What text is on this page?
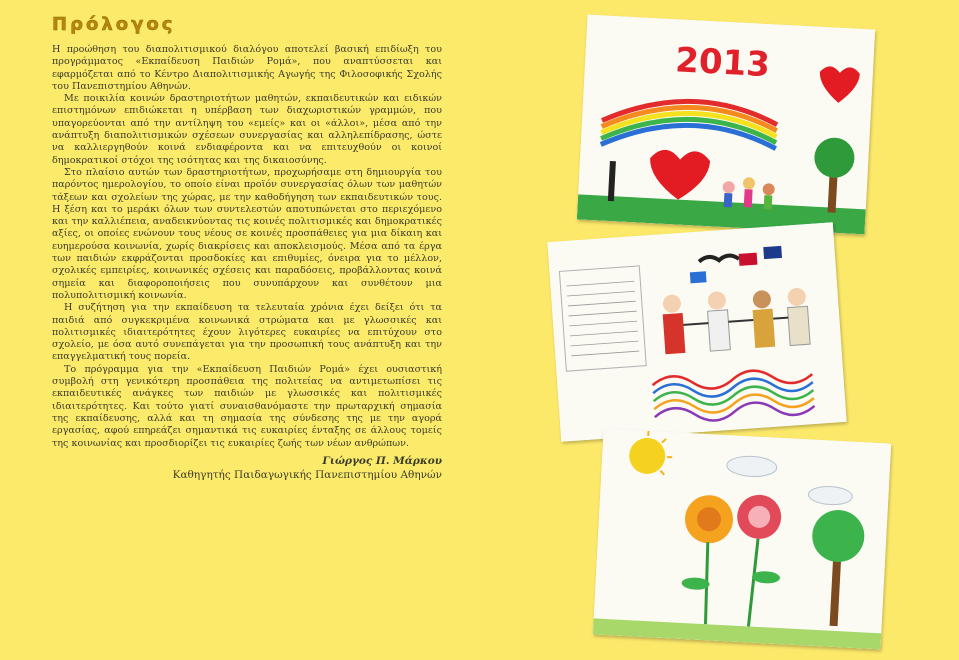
Πρόλογος

Η προώθηση του διαπολιτισμικού διαλόγου αποτελεί βασική επιδίωξη του προγράμματος «Εκπαίδευση Παιδιών Ρομά», που αναπτύσσεται και εφαρμόζεται από το Κέντρο Διαπολιτισμικής Αγωγής της Φιλοσοφικής Σχολής του Πανεπιστημίου Αθηνών.

Με ποικιλία κοινών δραστηριοτήτων μαθητών, εκπαιδευτικών και ειδικών επιστημόνων επιδιώκεται η υπέρβαση των διαχωριστικών γραμμών, που υπαγορεύονται από την αντίληψη του «εμείς» και οι «άλλοι», μέσα από την ανάπτυξη διαπολιτισμικών σχέσεων συνεργασίας και αλληλεπίδρασης, ώστε να καλλιεργηθούν κοινά ενδιαφέροντα και να επιτευχθούν οι κοινοί δημοκρατικοί στόχοι της ισότητας και της δικαιοσύνης.

Στο πλαίσιο αυτών των δραστηριοτήτων, προχωρήσαμε στη δημιουργία του παρόντος ημερολογίου, το οποίο είναι προϊόν συνεργασίας όλων των μαθητών τάξεων και σχολείων της χώρας, με την καθοδήγηση των εκπαιδευτικών τους. Η ξέση και το μεράκι όλων των συντελεστών αποτυπώνεται στο περιεχόμενο και την καλλιέπεια, αναδεικνύοντας τις κοινές πολιτισμικές και δημοκρατικές αξίες, οι οποίες ενώνουν τους νέους σε κοινές προσπάθειες για μια δίκαιη και ευημερούσα κοινωνία, χωρίς διακρίσεις και αποκλεισμούς. Μέσα από τα έργα των παιδιών εκφράζονται προσδοκίες και επιθυμίες, όνειρα για το μέλλον, σχολικές εμπειρίες, κοινωνικές σχέσεις και παραδόσεις, προβάλλοντας κοινά σημεία και διαφοροποιήσεις που συνυπάρχουν και συνθέτουν μια πολυπολιτισμική κοινωνία.

Η συζήτηση για την εκπαίδευση τα τελευταία χρόνια έχει δείξει ότι τα παιδιά από συγκεκριμένα κοινωνικά στρώματα και με γλωσσικές και πολιτισμικές ιδιαιτερότητες έχουν λιγότερες ευκαιρίες να επιτύχουν στο σχολείο, με όσα αυτό συνεπάγεται για την προσωπική τους ανάπτυξη και την επαγγελματική τους πορεία.

Το πρόγραμμα για την «Εκπαίδευση Παιδιών Ρομά» έχει ουσιαστική συμβολή στη γενικότερη προσπάθεια της πολιτείας να αντιμετωπίσει τις εκπαιδευτικές ανάγκες των παιδιών με γλωσσικές και πολιτισμικές ιδιαιτερότητες. Και τούτο γιατί συναισθανόμαστε την πρωταρχική σημασία της εκπαίδευσης, αλλά και τη σημασία της σύνδεσης της με την αγορά εργασίας, αφού επηρεάζει σημαντικά τις ευκαιρίες ένταξης σε άλλους τομείς της κοινωνίας και προσδιορίζει τις ευκαιρίες ζωής των νέων ανθρώπων.

Γιώργος Π. Μάρκου
Καθηγητής Παιδαγωγικής Πανεπιστημίου Αθηνών
2013
